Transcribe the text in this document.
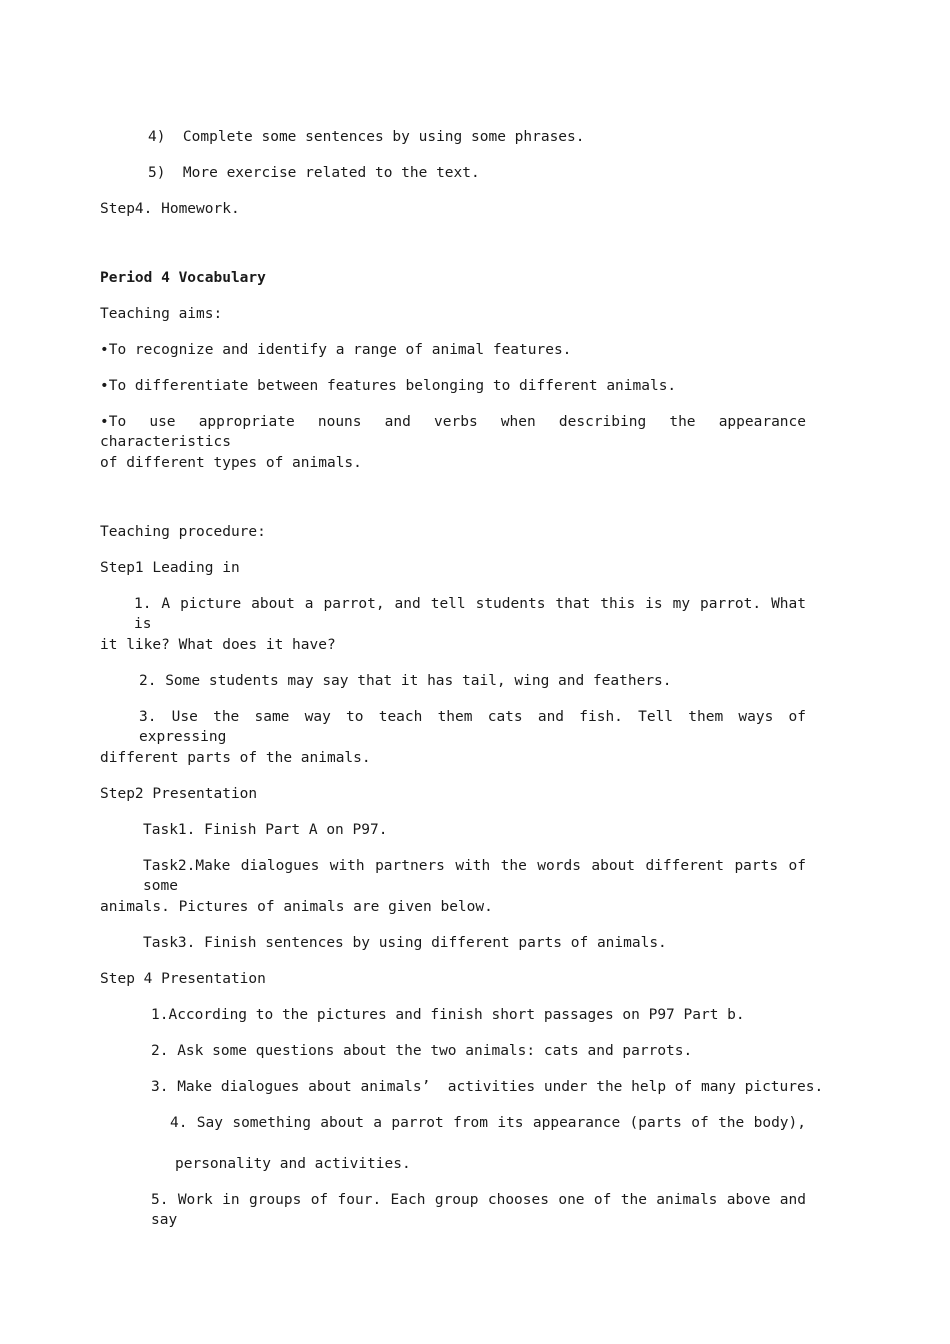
4)  Complete some sentences by using some phrases.
5)  More exercise related to the text.
Step4. Homework.
Period 4 Vocabulary
Teaching aims:
•To recognize and identify a range of animal features.
•To differentiate between features belonging to different animals.
•To use appropriate nouns and verbs when describing the appearance characteristics
of different types of animals.
Teaching procedure:
Step1 Leading in
1. A picture about a parrot, and tell students that this is my parrot. What is
it like? What does it have?
2. Some students may say that it has tail, wing and feathers.
3. Use the same way to teach them cats and fish. Tell them ways of expressing
different parts of the animals.
Step2 Presentation
Task1. Finish Part A on P97.
Task2.Make dialogues with partners with the words about different parts of some
animals. Pictures of animals are given below.
Task3. Finish sentences by using different parts of animals.
Step 4 Presentation
1.According to the pictures and finish short passages on P97 Part b.
2. Ask some questions about the two animals: cats and parrots.
3. Make dialogues about animals’  activities under the help of many pictures.
4. Say something about a parrot from its appearance (parts of the body),
personality and activities.
5. Work in groups of four. Each group chooses one of the animals above and say
